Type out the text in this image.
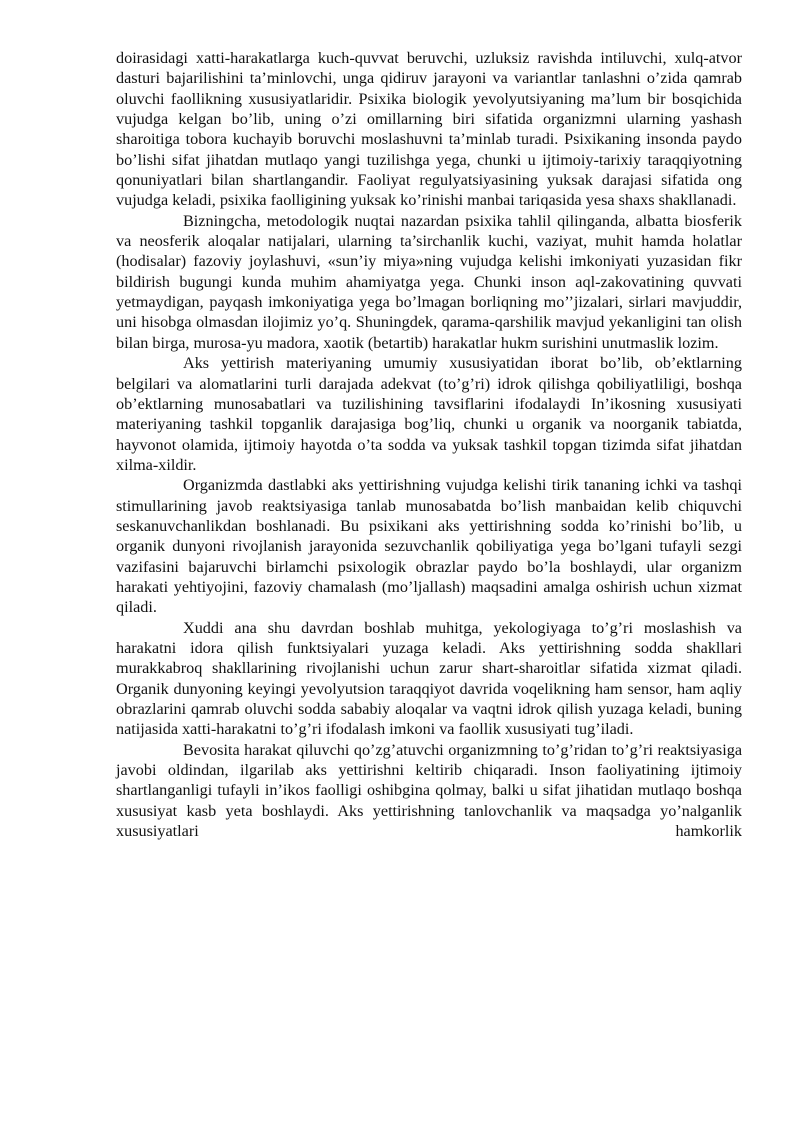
doirasidagi xatti-harakatlarga kuch-quvvat beruvchi, uzluksiz ravishda intiluvchi, xulq-atvor dasturi bajarilishini ta’minlovchi, unga qidiruv jarayoni va variantlar tanlashni o’zida qamrab oluvchi faollikning xususiyatlaridir. Psixika biologik yevolyutsiyaning ma’lum bir bosqichida vujudga kelgan bo’lib, uning o’zi omillarning biri sifatida organizmni ularning yashash sharoitiga tobora kuchayib boruvchi moslashuvni ta’minlab turadi. Psixikaning insonda paydo bo’lishi sifat jihatdan mutlaqo yangi tuzilishga yega, chunki u ijtimoiy-tarixiy taraqqiyotning qonuniyatlari bilan shartlangandir. Faoliyat regulyatsiyasining yuksak darajasi sifatida ong vujudga keladi, psixika faolligining yuksak ko’rinishi manbai tariqasida yesa shaxs shakllanadi.

Bizningcha, metodologik nuqtai nazardan psixika tahlil qilinganda, albatta biosferik va neosferik aloqalar natijalari, ularning ta’sirchanlik kuchi, vaziyat, muhit hamda holatlar (hodisalar) fazoviy joylashuvi, «sun’iy miya»ning vujudga kelishi imkoniyati yuzasidan fikr bildirish bugungi kunda muhim ahamiyatga yega. Chunki inson aql-zakovatining quvvati yetmaydigan, payqash imkoniyatiga yega bo’lmagan borliqning mo’’jizalari, sirlari mavjuddir, uni hisobga olmasdan ilojimiz yo’q. Shuningdek, qarama-qarshilik mavjud yekanligini tan olish bilan birga, murosa-yu madora, xaotik (betartib) harakatlar hukm surishini unutmaslik lozim.

Aks yettirish materiyaning umumiy xususiyatidan iborat bo’lib, ob’ektlarning belgilari va alomatlarini turli darajada adekvat (to’g’ri) idrok qilishga qobiliyatliligi, boshqa ob’ektlarning munosabatlari va tuzilishining tavsiflarini ifodalaydi In’ikosning xususiyati materiyaning tashkil topganlik darajasiga bog’liq, chunki u organik va noorganik tabiatda, hayvonot olamida, ijtimoiy hayotda o’ta sodda va yuksak tashkil topgan tizimda sifat jihatdan xilma-xildir.

Organizmda dastlabki aks yettirishning vujudga kelishi tirik tananing ichki va tashqi stimullarining javob reaktsiyasiga tanlab munosabatda bo’lish manbaidan kelib chiquvchi seskanuvchanlikdan boshlanadi. Bu psixikani aks yettirishning sodda ko’rinishi bo’lib, u organik dunyoni rivojlanish jarayonida sezuvchanlik qobiliyatiga yega bo’lgani tufayli sezgi vazifasini bajaruvchi birlamchi psixologik obrazlar paydo bo’la boshlaydi, ular organizm harakati yehtiyojini, fazoviy chamalash (mo’ljallash) maqsadini amalga oshirish uchun xizmat qiladi.

Xuddi ana shu davrdan boshlab muhitga, yekologiyaga to’g’ri moslashish va harakatni idora qilish funktsiyalari yuzaga keladi. Aks yettirishning sodda shakllari murakkabroq shakllarining rivojlanishi uchun zarur shart-sharoitlar sifatida xizmat qiladi. Organik dunyoning keyingi yevolyutsion taraqqiyot davrida voqelikning ham sensor, ham aqliy obrazlarini qamrab oluvchi sodda sababiy aloqalar va vaqtni idrok qilish yuzaga keladi, buning natijasida xatti-harakatni to’g’ri ifodalash imkoni va faollik xususiyati tug’iladi.

Bevosita harakat qiluvchi qo’zg’atuvchi organizmning to’g’ridan to’g’ri reaktsiyasiga javobi oldindan, ilgarilab aks yettirishni keltirib chiqaradi. Inson faoliyatining ijtimoiy shartlanganligi tufayli in’ikos faolligi oshibgina qolmay, balki u sifat jihatidan mutlaqo boshqa xususiyat kasb yeta boshlaydi. Aks yettirishning tanlovchanlik va maqsadga yo’nalganlik xususiyatlari hamkorlik
